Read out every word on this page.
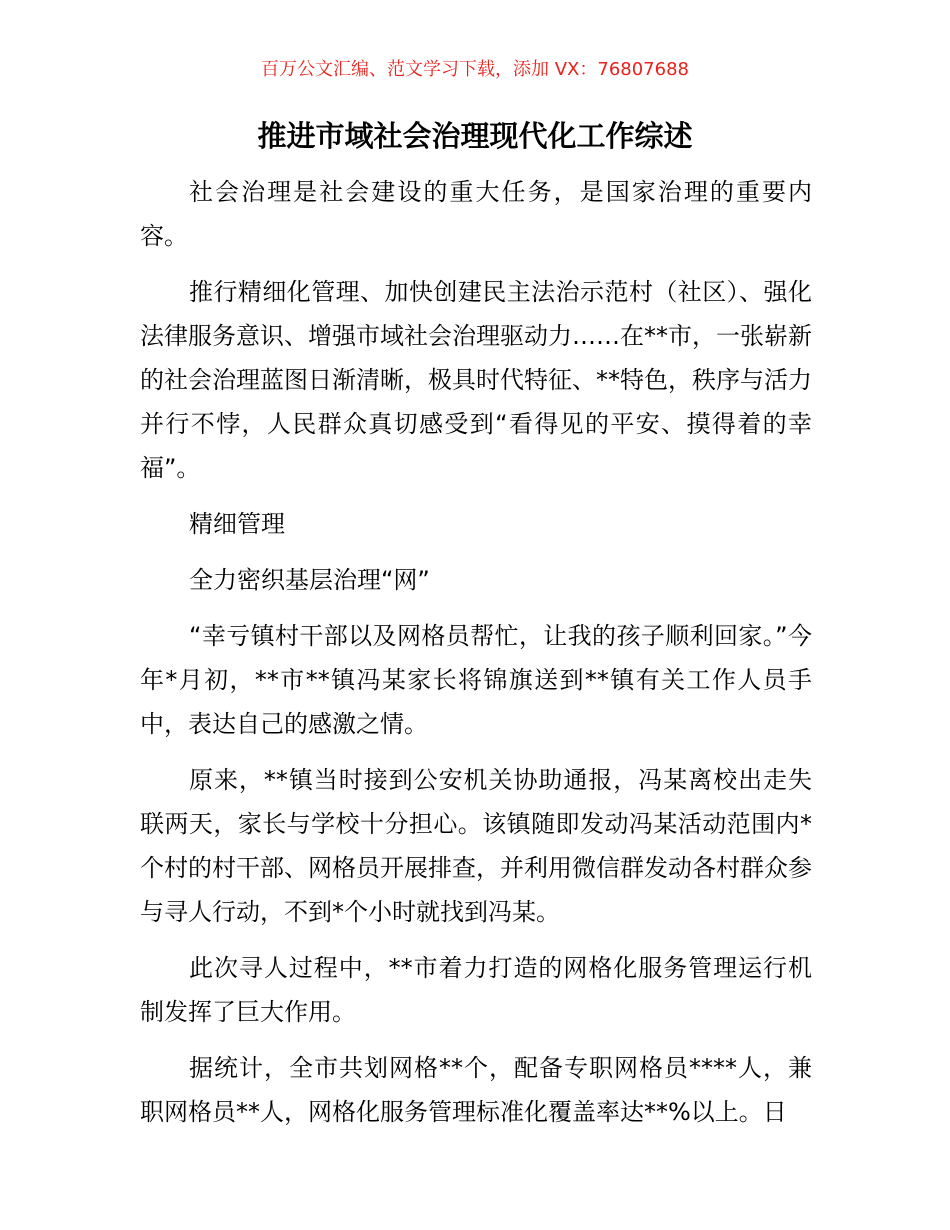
百万公文汇编、范文学习下载，添加 VX：76807688
推进市域社会治理现代化工作综述

社会治理是社会建设的重大任务，是国家治理的重要内容。

推行精细化管理、加快创建民主法治示范村（社区）、强化法律服务意识、增强市域社会治理驱动力……在**市，一张崭新的社会治理蓝图日渐清晰，极具时代特征、**特色，秩序与活力并行不悖，人民群众真切感受到“看得见的平安、摸得着的幸福”。

精细管理

全力密织基层治理“网”

“幸亏镇村干部以及网格员帮忙，让我的孩子顺利回家。”今年*月初，**市**镇冯某家长将锦旗送到**镇有关工作人员手中，表达自己的感激之情。

原来，**镇当时接到公安机关协助通报，冯某离校出走失联两天，家长与学校十分担心。该镇随即发动冯某活动范围内*个村的村干部、网格员开展排查，并利用微信群发动各村群众参与寻人行动，不到*个小时就找到冯某。

此次寻人过程中，**市着力打造的网格化服务管理运行机制发挥了巨大作用。

据统计，全市共划网格**个，配备专职网格员****人，兼职网格员**人，网格化服务管理标准化覆盖率达**%以上。日
